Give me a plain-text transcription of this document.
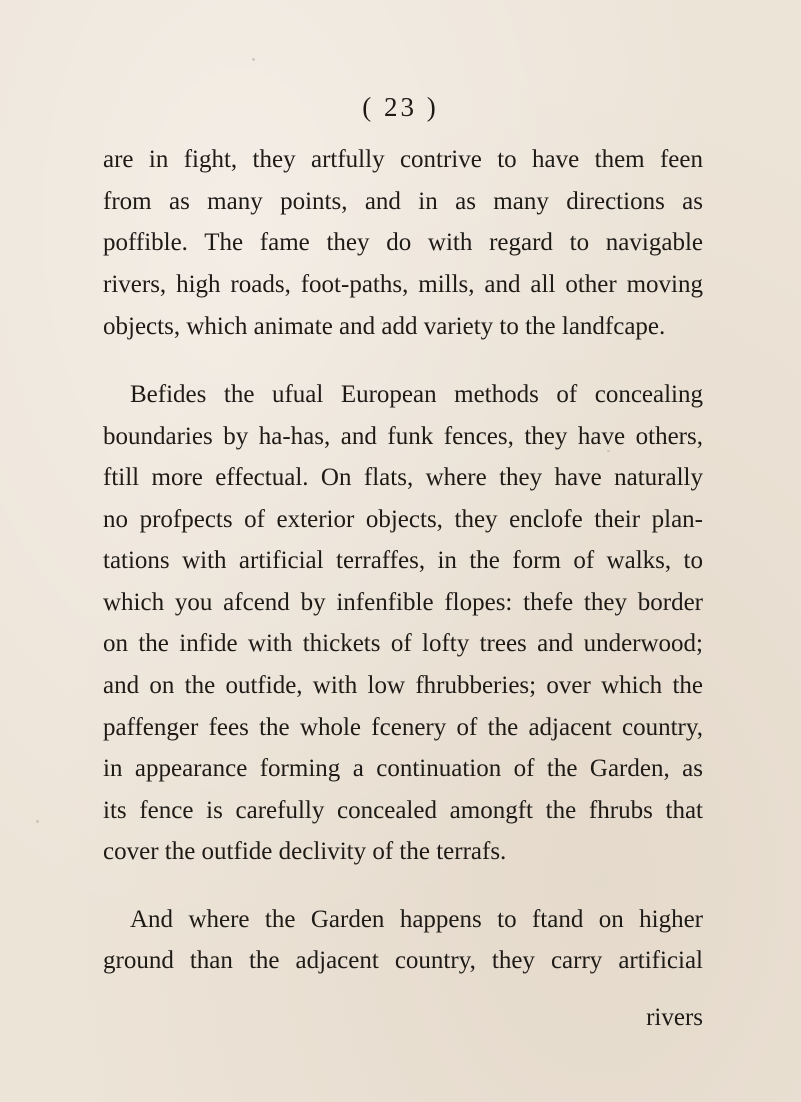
( 23 )
are in fight, they artfully contrive to have them feen
from as many points, and in as many directions as
poffible. The fame they do with regard to navigable
rivers, high roads, foot-paths, mills, and all other moving
objects, which animate and add variety to the landfcape.
Befides the ufual European methods of concealing
boundaries by ha-has, and funk fences, they have others,
ftill more effectual. On flats, where they have naturally
no profpects of exterior objects, they enclofe their plan-
tations with artificial terraffes, in the form of walks, to
which you afcend by infenfible flopes: thefe they border
on the infide with thickets of lofty trees and underwood;
and on the outfide, with low fhrubberies; over which the
paffenger fees the whole fcenery of the adjacent country,
in appearance forming a continuation of the Garden, as
its fence is carefully concealed amongft the fhrubs that
cover the outfide declivity of the terrafs.
And where the Garden happens to ftand on higher
ground than the adjacent country, they carry artificial
rivers
